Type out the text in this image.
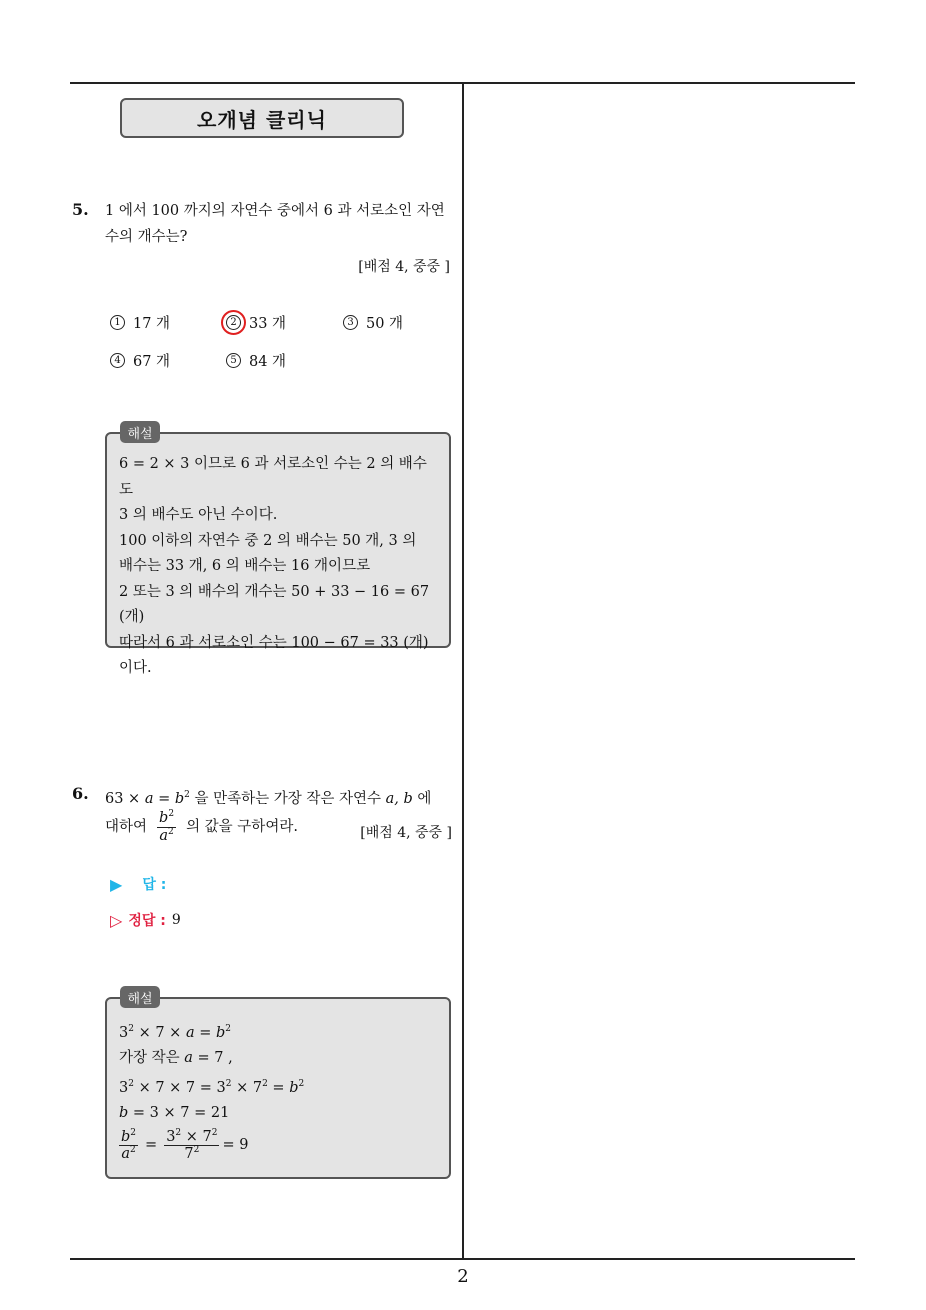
오개념 클리닉
5. 1 에서 100 까지의 자연수 중에서 6 과 서로소인 자연
수의 개수는?
[배점 4, 중중 ]
1 17 개	2 33 개	3 50 개
4 67 개	5 84 개
6 = 2 × 3 이므로 6 과 서로소인 수는 2 의 배수도
3 의 배수도 아닌 수이다.
100 이하의 자연수 중 2 의 배수는 50 개, 3 의
배수는 33 개, 6 의 배수는 16 개이므로
2 또는 3 의 배수의 개수는 50 + 33 − 16 = 67 (개)
따라서 6 과 서로소인 수는 100 − 67 = 33 (개)
이다.
해설
6. $63 \times a = b^2$ 을 만족하는 가장 작은 자연수 a, b 에
대하여 $\frac{b^2}{a^2}$ 의 값을 구하여라.	[배점 4, 중중 ]
▶ 답 :
▷ 정답 : 9
$3^2 \times 7 \times a = b^2$
가장 작은 a = 7 ,
$3^2 \times 7 \times 7 = 3^2 \times 7^2 = b^2$
b = 3 × 7 = 21
$\frac{b^2}{a^2} = \frac{3^2 \times 7^2}{7^2} = 9$
해설
2
